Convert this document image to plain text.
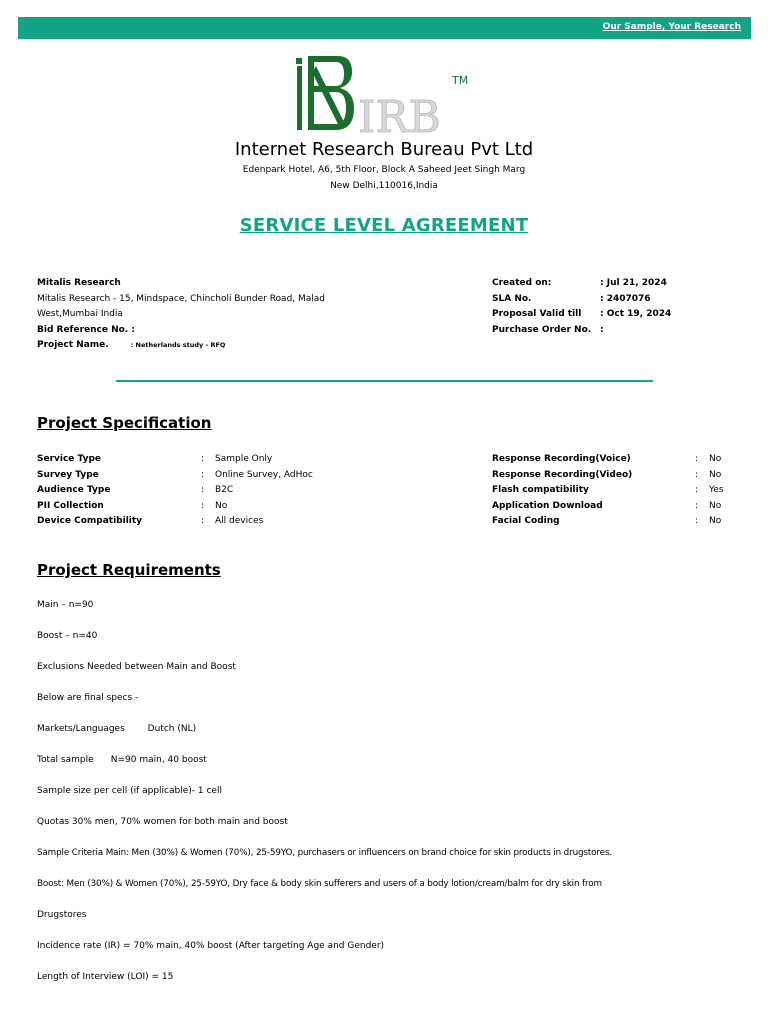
Our Sample, Your Research
IRB
TM
Internet Research Bureau Pvt Ltd
Edenpark Hotel, A6, 5th Floor, Block A Saheed Jeet Singh Marg
New Delhi,110016,India
SERVICE LEVEL AGREEMENT
Mitalis Research
Mitalis Research - 15, Mindspace, Chincholi Bunder Road, Malad
West,Mumbai India
Bid Reference No. :
Project Name.	: Netherlands study - RFQ
Created on:	: Jul 21, 2024
SLA No.	: 2407076
Proposal Valid till	: Oct 19, 2024
Purchase Order No. :
Project Specification
Service Type	:	Sample Only
Survey Type	:	Online Survey, AdHoc
Audience Type	:	B2C
PII Collection	:	No
Device Compatibility	:	All devices
Response Recording(Voice)	:	No
Response Recording(Video)	:	No
Flash compatibility	:	Yes
Application Download	:	No
Facial Coding	:	No
Project Requirements
Main – n=90
Boost – n=40
Exclusions Needed between Main and Boost
Below are final specs -
Markets/Languages        Dutch (NL)
Total sample      N=90 main, 40 boost
Sample size per cell (if applicable)- 1 cell
Quotas 30% men, 70% women for both main and boost
Sample Criteria Main: Men (30%) & Women (70%), 25-59YO, purchasers or influencers on brand choice for skin products in drugstores.
Boost: Men (30%) & Women (70%), 25-59YO, Dry face & body skin sufferers and users of a body lotion/cream/balm for dry skin from
Drugstores
Incidence rate (IR) = 70% main, 40% boost (After targeting Age and Gender)
Length of Interview (LOI) = 15
